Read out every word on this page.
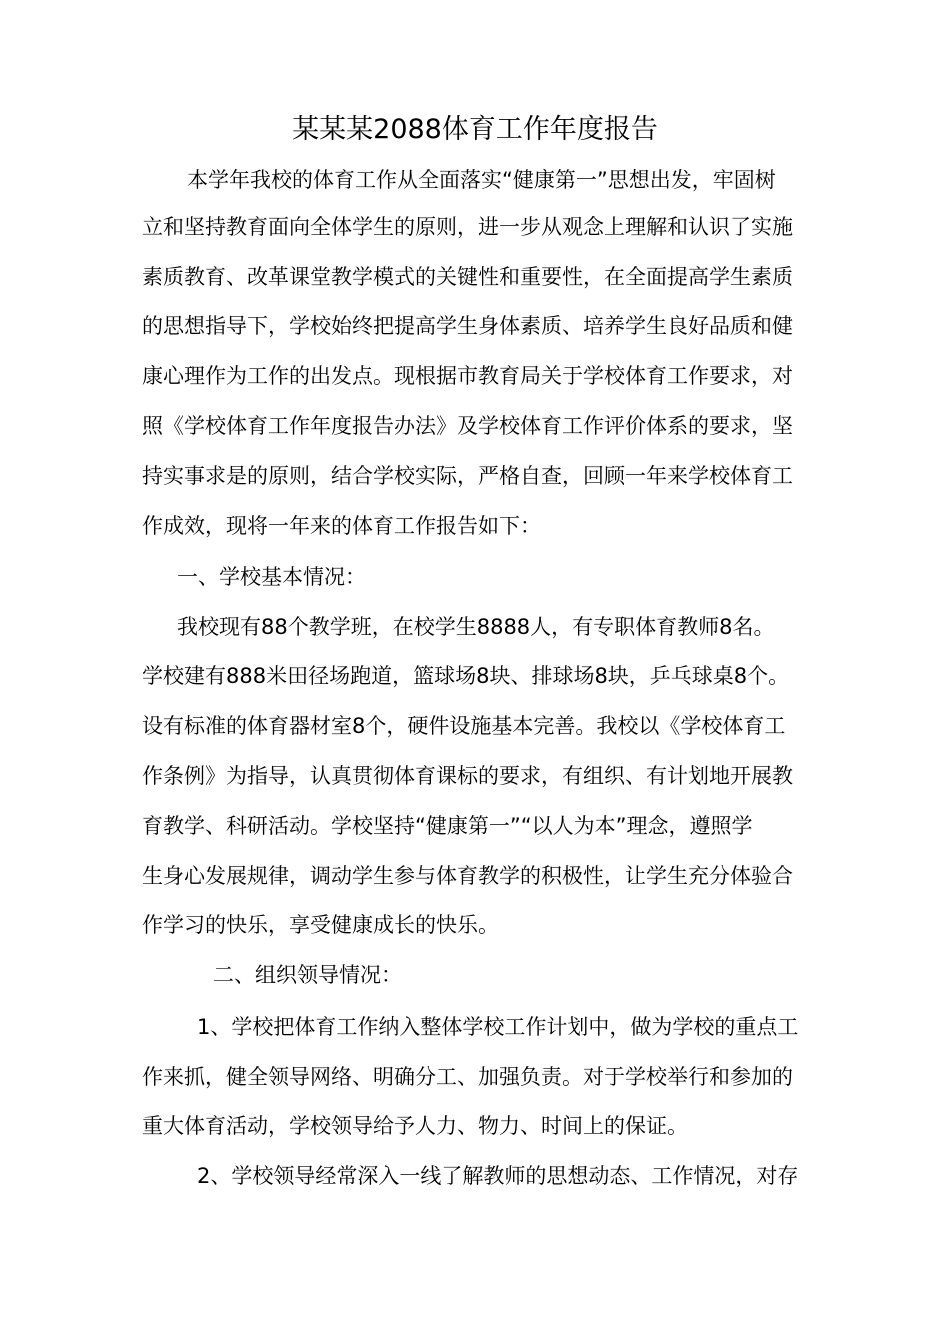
某某某2088体育工作年度报告

本学年我校的体育工作从全面落实“健康第一”思想出发，牢固树

立和坚持教育面向全体学生的原则，进一步从观念上理解和认识了实施

素质教育、改革课堂教学模式的关键性和重要性，在全面提高学生素质

的思想指导下，学校始终把提高学生身体素质、培养学生良好品质和健

康心理作为工作的出发点。现根据市教育局关于学校体育工作要求，对

照《学校体育工作年度报告办法》及学校体育工作评价体系的要求，坚

持实事求是的原则，结合学校实际，严格自查，回顾一年来学校体育工

作成效，现将一年来的体育工作报告如下：

一、学校基本情况：

我校现有88个教学班，在校学生8888人，有专职体育教师8名。

学校建有888米田径场跑道，篮球场8块、排球场8块，乒乓球桌8个。

设有标准的体育器材室8个，硬件设施基本完善。我校以《学校体育工

作条例》为指导，认真贯彻体育课标的要求，有组织、有计划地开展教

育教学、科研活动。学校坚持“健康第一”“以人为本”理念，遵照学

生身心发展规律，调动学生参与体育教学的积极性，让学生充分体验合

作学习的快乐，享受健康成长的快乐。

二、组织领导情况：

1、学校把体育工作纳入整体学校工作计划中，做为学校的重点工

作来抓，健全领导网络、明确分工、加强负责。对于学校举行和参加的

重大体育活动，学校领导给予人力、物力、时间上的保证。

2、学校领导经常深入一线了解教师的思想动态、工作情况，对存
